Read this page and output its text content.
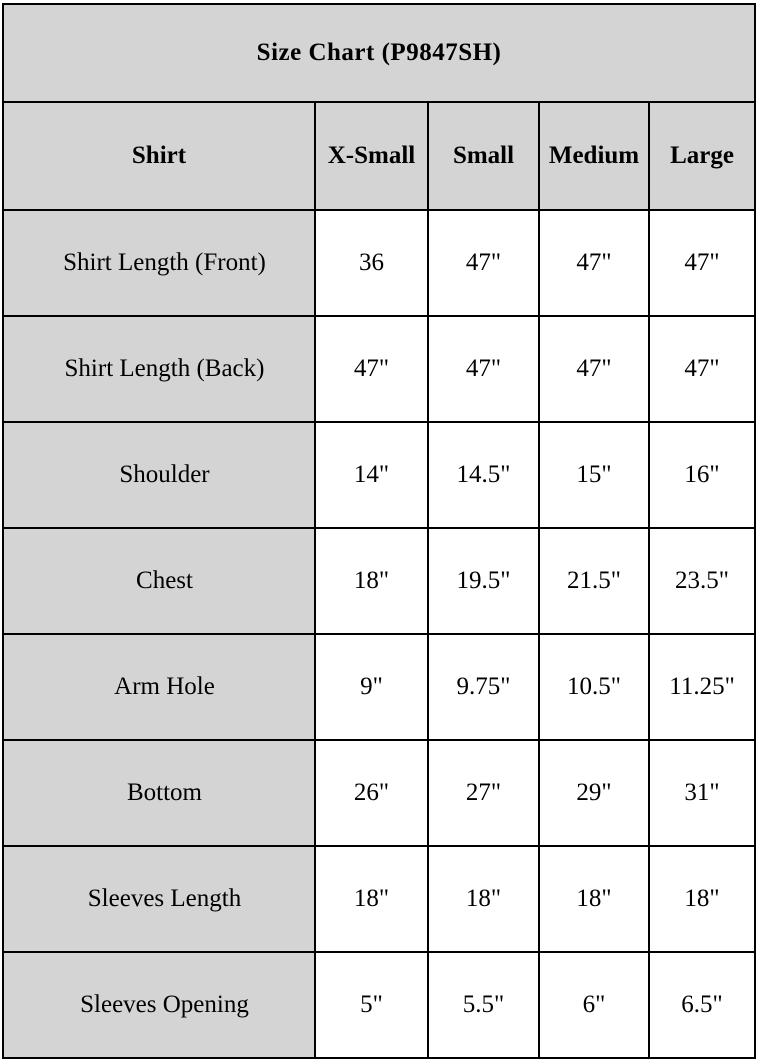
Size Chart (P9847SH)				
Shirt	X-Small	Small	Medium	Large
Shirt Length (Front)	36	47"	47"	47"
Shirt Length (Back)	47"	47"	47"	47"
Shoulder	14"	14.5"	15"	16"
Chest	18"	19.5"	21.5"	23.5"
Arm Hole	9"	9.75"	10.5"	11.25"
Bottom	26"	27"	29"	31"
Sleeves Length	18"	18"	18"	18"
Sleeves Opening	5"	5.5"	6"	6.5"
